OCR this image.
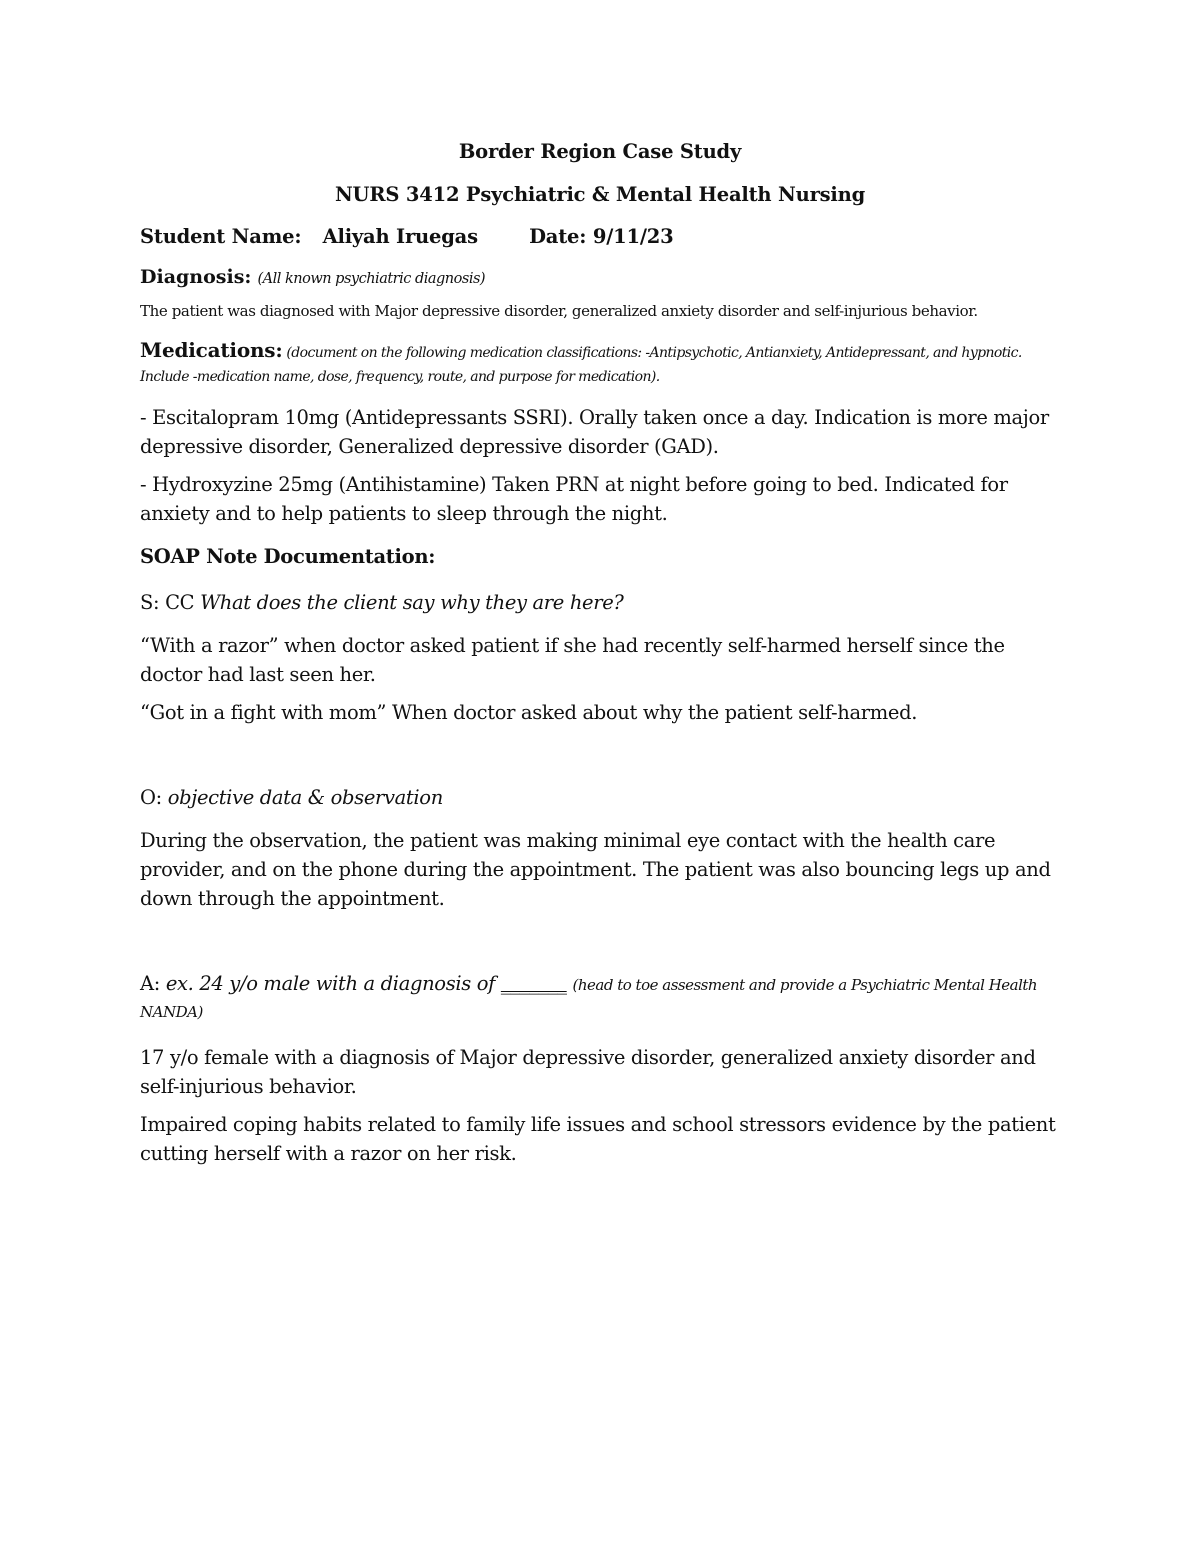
Border Region Case Study

NURS 3412 Psychiatric & Mental Health Nursing

Student Name: Aliyah Iruegas	Date: 9/11/23
Diagnosis: (All known psychiatric diagnosis)

The patient was diagnosed with Major depressive disorder, generalized anxiety disorder and self-injurious behavior.

Medications: (document on the following medication classifications: -Antipsychotic, Antianxiety, Antidepressant, and hypnotic. Include -medication name, dose, frequency, route, and purpose for medication).

- Escitalopram 10mg (Antidepressants SSRI). Orally taken once a day. Indication is more major depressive disorder, Generalized depressive disorder (GAD).

- Hydroxyzine 25mg (Antihistamine) Taken PRN at night before going to bed. Indicated for anxiety and to help patients to sleep through the night.

SOAP Note Documentation:

S: CC What does the client say why they are here?

“With a razor” when doctor asked patient if she had recently self-harmed herself since the doctor had last seen her.

“Got in a fight with mom” When doctor asked about why the patient self-harmed.

O: objective data & observation

During the observation, the patient was making minimal eye contact with the health care provider, and on the phone during the appointment. The patient was also bouncing legs up and down through the appointment.

A: ex. 24 y/o male with a diagnosis of _______ (head to toe assessment and provide a Psychiatric Mental Health NANDA)

17 y/o female with a diagnosis of Major depressive disorder, generalized anxiety disorder and self-injurious behavior.

Impaired coping habits related to family life issues and school stressors evidence by the patient cutting herself with a razor on her risk.
